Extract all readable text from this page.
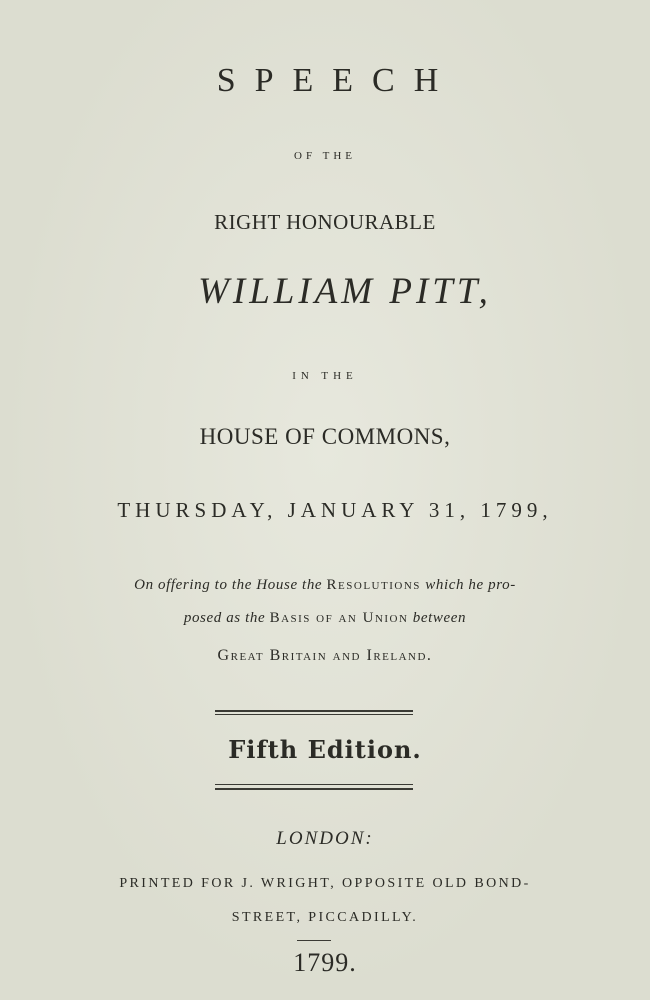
SPEECH
OF THE
RIGHT HONOURABLE
WILLIAM PITT,
IN THE
HOUSE OF COMMONS,
THURSDAY, JANUARY 31, 1799,
On offering to the House the Resolutions which he pro-
posed as the Basis of an Union between
Great Britain and Ireland.
Fifth Edition.
LONDON:
PRINTED FOR J. WRIGHT, OPPOSITE OLD BOND-
STREET, PICCADILLY.
1799.
